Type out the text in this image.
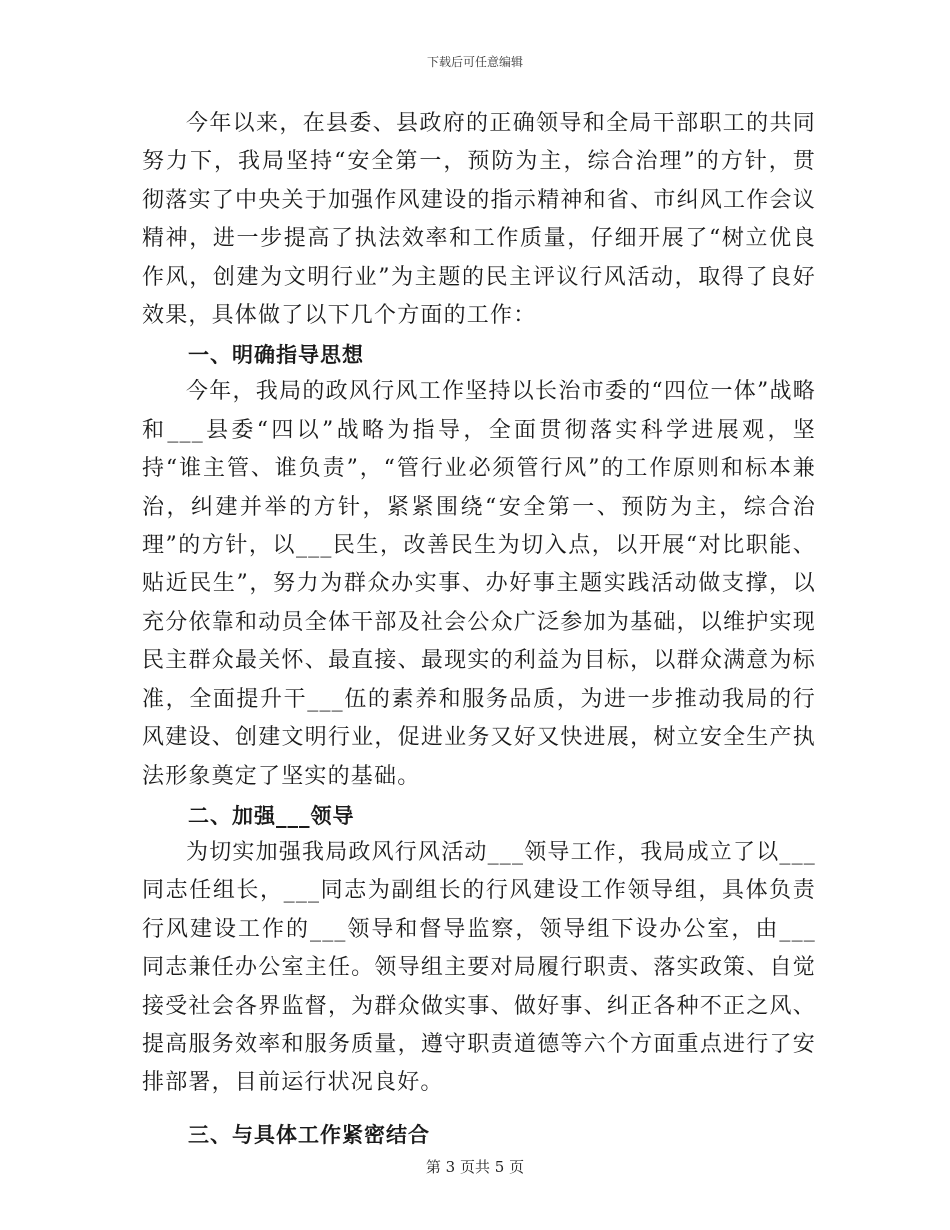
下载后可任意编辑

今年以来，在县委、县政府的正确领导和全局干部职工的共同努力下，我局坚持“安全第一，预防为主，综合治理”的方针，贯彻落实了中央关于加强作风建设的指示精神和省、市纠风工作会议精神，进一步提高了执法效率和工作质量，仔细开展了“树立优良作风，创建为文明行业”为主题的民主评议行风活动，取得了良好效果，具体做了以下几个方面的工作：

一、明确指导思想

今年，我局的政风行风工作坚持以长治市委的“四位一体”战略和___县委“四以”战略为指导，全面贯彻落实科学进展观，坚持“谁主管、谁负责”，“管行业必须管行风”的工作原则和标本兼治，纠建并举的方针，紧紧围绕“安全第一、预防为主，综合治理”的方针，以___民生，改善民生为切入点，以开展“对比职能、贴近民生”，努力为群众办实事、办好事主题实践活动做支撑，以充分依靠和动员全体干部及社会公众广泛参加为基础，以维护实现民主群众最关怀、最直接、最现实的利益为目标，以群众满意为标准，全面提升干___伍的素养和服务品质，为进一步推动我局的行风建设、创建文明行业，促进业务又好又快进展，树立安全生产执法形象奠定了坚实的基础。

二、加强___领导

为切实加强我局政风行风活动___领导工作，我局成立了以___同志任组长，___同志为副组长的行风建设工作领导组，具体负责行风建设工作的___领导和督导监察，领导组下设办公室，由___同志兼任办公室主任。领导组主要对局履行职责、落实政策、自觉接受社会各界监督，为群众做实事、做好事、纠正各种不正之风、提高服务效率和服务质量，遵守职责道德等六个方面重点进行了安排部署，目前运行状况良好。

三、与具体工作紧密结合

第 3 页共 5 页
